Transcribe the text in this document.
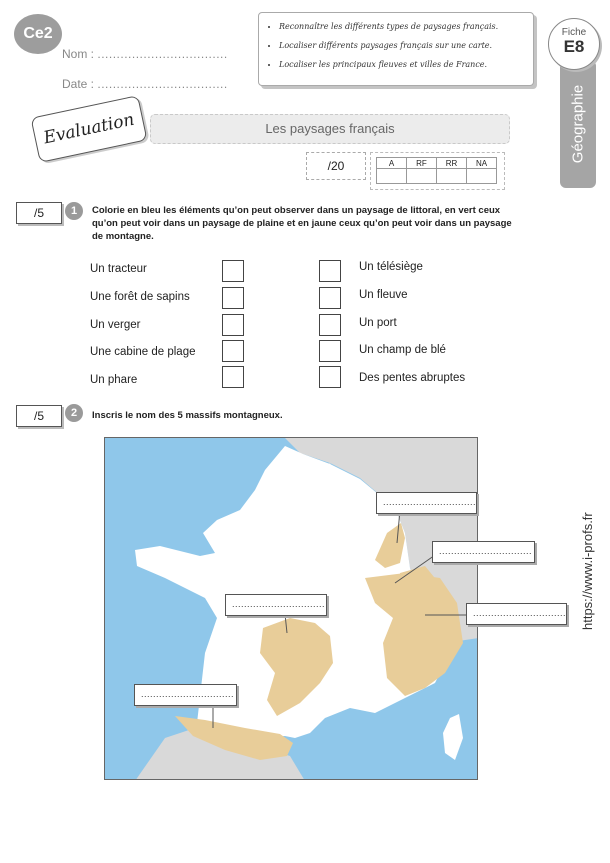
Ce2
Nom : ..................................
Date : ..................................
• Reconnaître les différents types de paysages français.
• Localiser différents paysages français sur une carte.
• Localiser les principaux fleuves et villes de France.
Géographie
Fiche
E8
Les paysages français
Evaluation
/20	A	RF	RR	NA

/5	1	Colorie en bleu les éléments qu’on peut observer dans un paysage de littoral, en vert ceux qu’on peut voir dans un paysage de plaine et en jaune ceux qu’on peut voir dans un paysage de montagne.
Un tracteur
Une forêt de sapins
Un verger
Une cabine de plage
Un phare
Un télésiège
Un fleuve
Un port
Un champ de blé
Des pentes abruptes
/5	2	Inscris le nom des 5 massifs montagneux.
...............................
...............................
...............................
...............................
...............................
https://www.i-profs.fr
